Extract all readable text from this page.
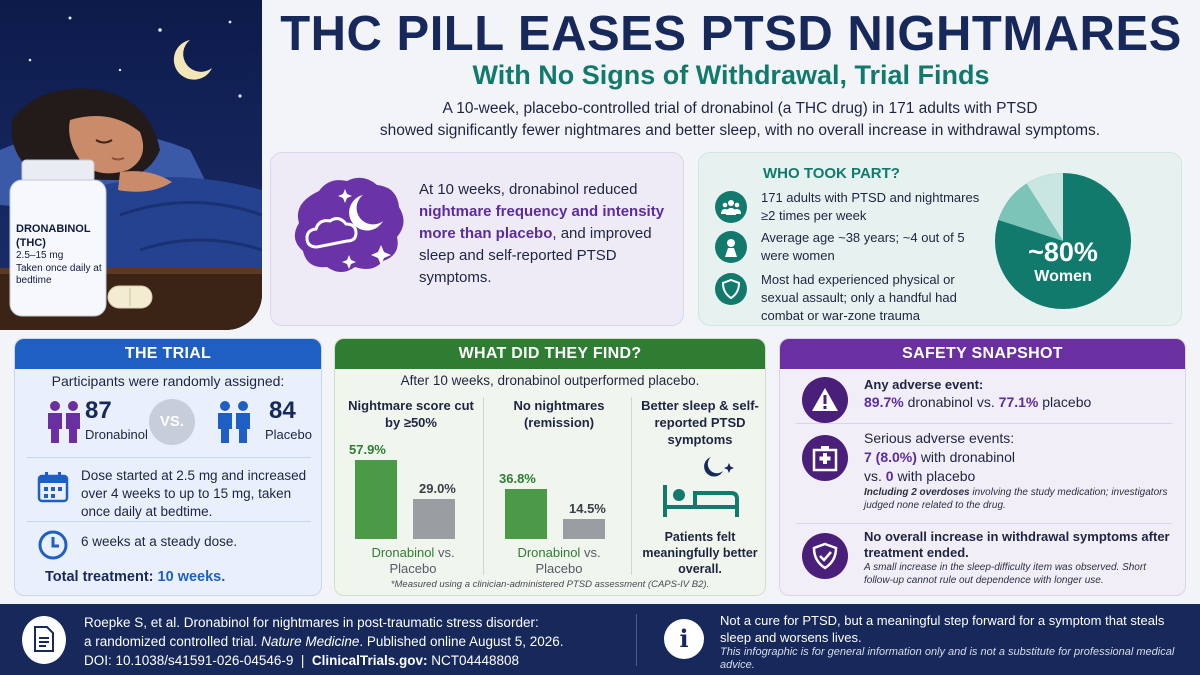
DRONABINOL (THC)
2.5–15 mg
Taken once daily at bedtime
THC PILL EASES PTSD NIGHTMARES
With No Signs of Withdrawal, Trial Finds
A 10-week, placebo-controlled trial of dronabinol (a THC drug) in 171 adults with PTSD
showed significantly fewer nightmares and better sleep, with no overall increase in withdrawal symptoms.
At 10 weeks, dronabinol reduced nightmare frequency and intensity more than placebo, and improved sleep and self-reported PTSD symptoms.
WHO TOOK PART?
171 adults with PTSD and nightmares ≥2 times per week
Average age ~38 years; ~4 out of 5 were women
Most had experienced physical or sexual assault; only a handful had combat or war-zone trauma
~80%
Women
THE TRIAL
Participants were randomly assigned:
87
Dronabinol
VS.	84
Placebo
Dose started at 2.5 mg and increased over 4 weeks to up to 15 mg, taken once daily at bedtime.
6 weeks at a steady dose.
Total treatment: 10 weeks.
WHAT DID THEY FIND?
After 10 weeks, dronabinol outperformed placebo.
Nightmare score cut by ≥50%
57.9%
29.0%
Dronabinol vs.
Placebo
No nightmares (remission)
36.8%
14.5%
Dronabinol vs.
Placebo
Better sleep & self-reported PTSD symptoms
Patients felt meaningfully better overall.
*Measured using a clinician-administered PTSD assessment (CAPS-IV B2).
SAFETY SNAPSHOT
Any adverse event:
89.7% dronabinol vs. 77.1% placebo
Serious adverse events:
7 (8.0%) with dronabinol
vs. 0 with placebo
Including 2 overdoses involving the study medication; investigators judged none related to the drug.
No overall increase in withdrawal symptoms after treatment ended.
A small increase in the sleep-difficulty item was observed. Short follow-up cannot rule out dependence with longer use.
Roepke S, et al. Dronabinol for nightmares in post-traumatic stress disorder:
a randomized controlled trial. Nature Medicine. Published online August 5, 2026.
DOI: 10.1038/s41591-026-04546-9  |  ClinicalTrials.gov: NCT04448808
i
Not a cure for PTSD, but a meaningful step forward for a symptom that steals sleep and worsens lives.
This infographic is for general information only and is not a substitute for professional medical advice.
